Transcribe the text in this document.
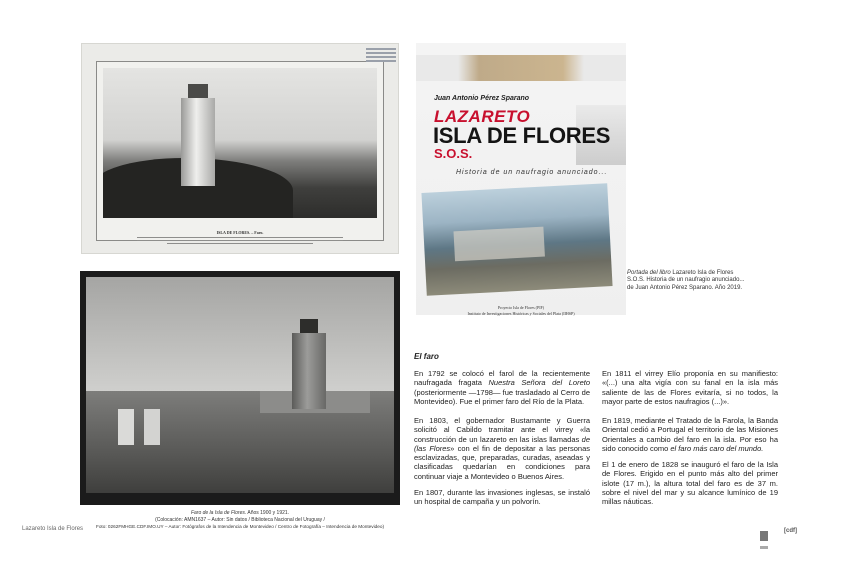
ISLA DE FLORES. – Faro.
Juan Antonio Pérez Sparano
LAZARETO
ISLA DE FLORES
S.O.S.
Historia de un naufragio anunciado...
Proyecto Isla de Flores (PIF)
Instituto de Investigaciones Históricas y Sociales del Plata (IIHSP)
Portada del libro Lazareto Isla de Flores S.O.S. Historia de un naufragio anunciado... de Juan Antonio Pérez Sparano. Año 2019.
Faro de la Isla de Flores. Años 1900 y 1921.
(Colocación: AMN1637 – Autor: Sin datos / Biblioteca Nacional del Uruguay /
Foto: 0262FMHGE.CDF.IMO.UY – Autor: Fotógrafos de la Intendencia de Montevideo / Centro de Fotografía – Intendencia de Montevideo)
El faro
En 1792 se colocó el farol de la recientemente naufragada fragata Nuestra Señora del Loreto (posteriormente —1798— fue trasladado al Cerro de Montevideo). Fue el primer faro del Río de la Plata.
En 1803, el gobernador Bustamante y Guerra solicitó al Cabildo tramitar ante el virrey «la construcción de un lazareto en las islas llamadas de (las Flores» con el fin de depositar a las personas esclavizadas, que, preparadas, curadas, aseadas y clasificadas quedarían en condiciones para continuar viaje a Montevideo o Buenos Aires.
En 1807, durante las invasiones inglesas, se instaló un hospital de campaña y un polvorín.
En 1811 el virrey Elío proponía en su manifiesto: «(...) una alta vigía con su fanal en la isla más saliente de las de Flores evitaría, si no todos, la mayor parte de estos naufragios (...)».
En 1819, mediante el Tratado de la Farola, la Banda Oriental cedió a Portugal el territorio de las Misiones Orientales a cambio del faro en la isla. Por eso ha sido conocido como el faro más caro del mundo.
El 1 de enero de 1828 se inauguró el faro de la Isla de Flores. Erigido en el punto más alto del primer islote (17 m.), la altura total del faro es de 37 m. sobre el nivel del mar y su alcance lumínico de 19 millas náuticas.
Lazareto Isla de Flores
	[cdf]
